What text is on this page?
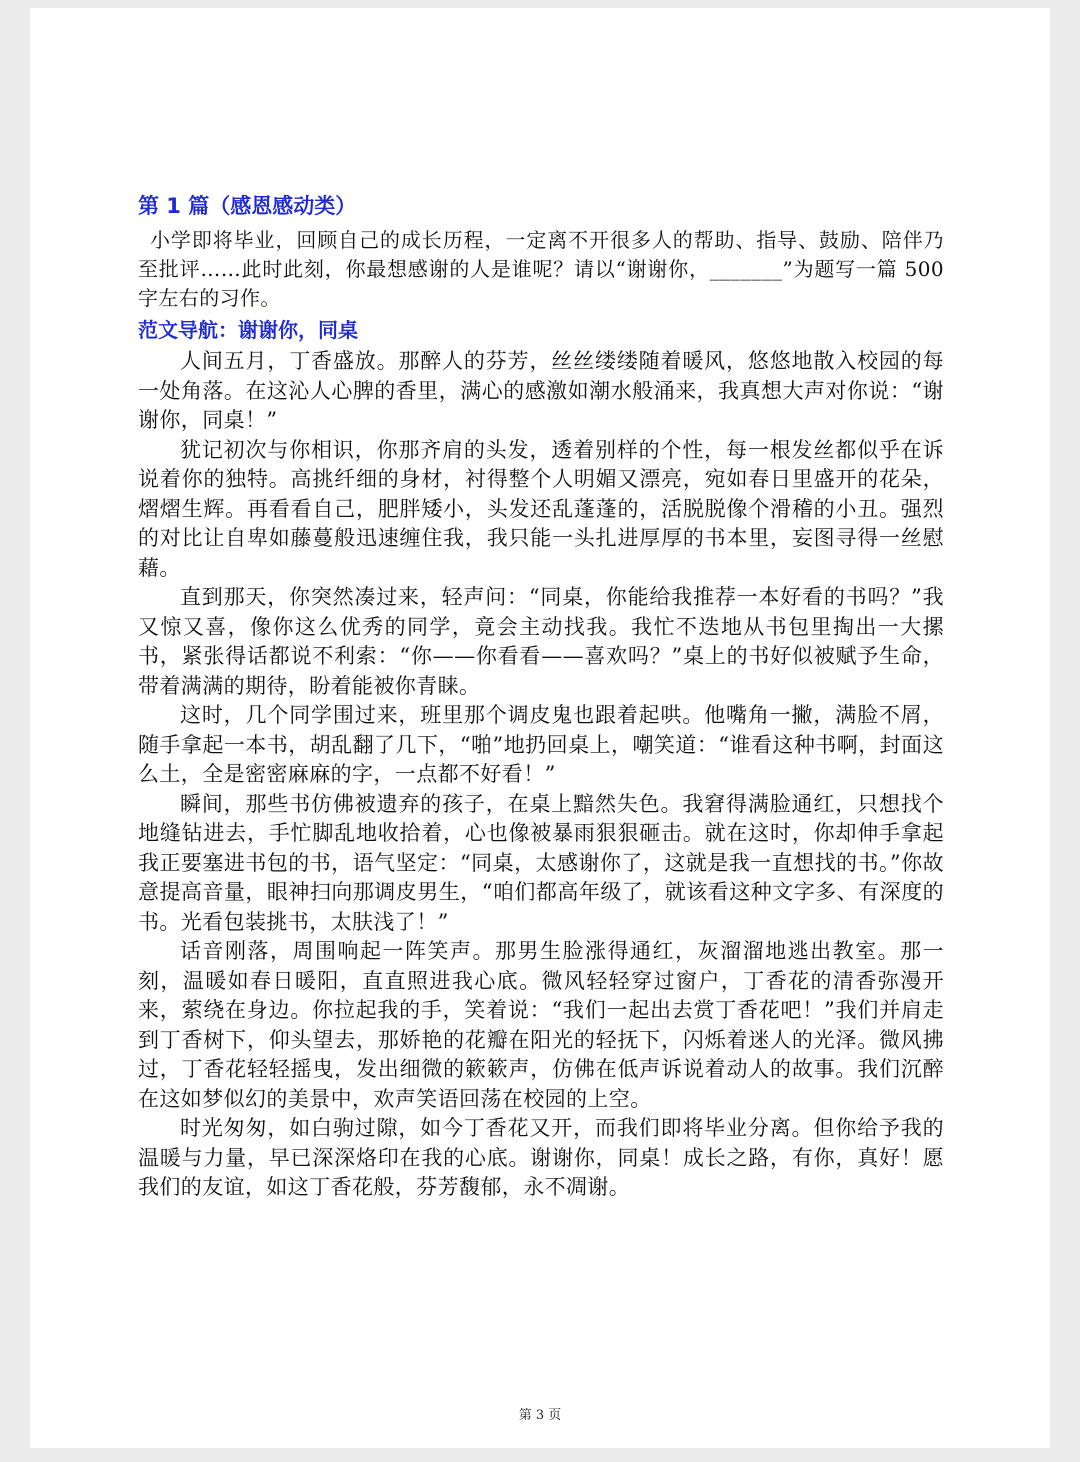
第 1 篇（感恩感动类）

小学即将毕业，回顾自己的成长历程，一定离不开很多人的帮助、指导、鼓励、陪伴乃至批评……此时此刻，你最想感谢的人是谁呢？请以“谢谢你，_______”为题写一篇 500 字左右的习作。

范文导航：谢谢你，同桌

人间五月，丁香盛放。那醉人的芬芳，丝丝缕缕随着暖风，悠悠地散入校园的每一处角落。在这沁人心脾的香里，满心的感激如潮水般涌来，我真想大声对你说：“谢谢你，同桌！”

犹记初次与你相识，你那齐肩的头发，透着别样的个性，每一根发丝都似乎在诉说着你的独特。高挑纤细的身材，衬得整个人明媚又漂亮，宛如春日里盛开的花朵，熠熠生辉。再看看自己，肥胖矮小，头发还乱蓬蓬的，活脱脱像个滑稽的小丑。强烈的对比让自卑如藤蔓般迅速缠住我，我只能一头扎进厚厚的书本里，妄图寻得一丝慰藉。

直到那天，你突然凑过来，轻声问：“同桌，你能给我推荐一本好看的书吗？”我又惊又喜，像你这么优秀的同学，竟会主动找我。我忙不迭地从书包里掏出一大摞书，紧张得话都说不利索：“你——你看看——喜欢吗？”桌上的书好似被赋予生命，带着满满的期待，盼着能被你青睐。

这时，几个同学围过来，班里那个调皮鬼也跟着起哄。他嘴角一撇，满脸不屑，随手拿起一本书，胡乱翻了几下，“啪”地扔回桌上，嘲笑道：“谁看这种书啊，封面这么土，全是密密麻麻的字，一点都不好看！”

瞬间，那些书仿佛被遗弃的孩子，在桌上黯然失色。我窘得满脸通红，只想找个地缝钻进去，手忙脚乱地收拾着，心也像被暴雨狠狠砸击。就在这时，你却伸手拿起我正要塞进书包的书，语气坚定：“同桌，太感谢你了，这就是我一直想找的书。”你故意提高音量，眼神扫向那调皮男生，“咱们都高年级了，就该看这种文字多、有深度的书。光看包装挑书，太肤浅了！”

话音刚落，周围响起一阵笑声。那男生脸涨得通红，灰溜溜地逃出教室。那一刻，温暖如春日暖阳，直直照进我心底。微风轻轻穿过窗户，丁香花的清香弥漫开来，萦绕在身边。你拉起我的手，笑着说：“我们一起出去赏丁香花吧！”我们并肩走到丁香树下，仰头望去，那娇艳的花瓣在阳光的轻抚下，闪烁着迷人的光泽。微风拂过，丁香花轻轻摇曳，发出细微的簌簌声，仿佛在低声诉说着动人的故事。我们沉醉在这如梦似幻的美景中，欢声笑语回荡在校园的上空。

时光匆匆，如白驹过隙，如今丁香花又开，而我们即将毕业分离。但你给予我的温暖与力量，早已深深烙印在我的心底。谢谢你，同桌！成长之路，有你，真好！愿我们的友谊，如这丁香花般，芬芳馥郁，永不凋谢。

第 3 页
